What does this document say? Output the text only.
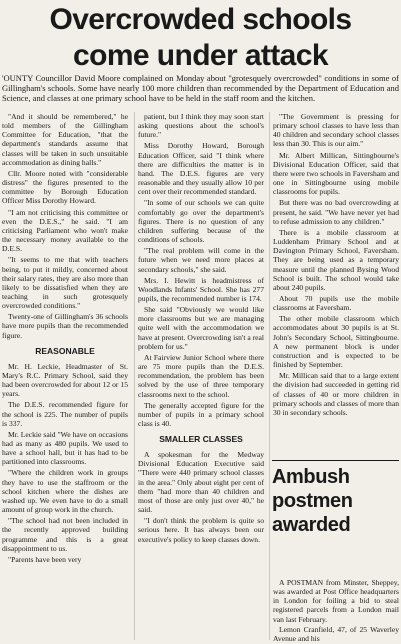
Overcrowded schools
come under attack

'OUNTY Councillor David Moore complained on Monday about "grotesquely overcrowded" conditions in some of Gillingham's schools. Some have nearly 100 more children than recommended by the Department of Education and Science, and classes at one primary school have to be held in the staff room and the kitchen.

"And it should be remembered," he told members of the Gillingham Committee for Education, "that the department's standards assume that classes will be taken in such unsuitable accommodation as dining halls."

Cllr. Moore noted with "considerable distress" the figures presented to the committee by Borough Education Officer Miss Dorothy Howard.

"I am not criticising this committee or even the D.E.S.," he said. "I am criticising Parliament who won't make the necessary money available to the D.E.S.

"It seems to me that with teachers being, to put it mildly, concerned about their salary rates, they are also more than likely to be dissatisfied when they are teaching in such grotesquely overcrowded conditions."

Twenty-one of Gillingham's 36 schools have more pupils than the recommended figure.

REASONABLE

Mr. H. Leckie, Headmaster of St. Mary's R.C. Primary School, said they had been overcrowded for about 12 or 15 years.

The D.E.S. recommended figure for the school is 225. The number of pupils is 337.

Mr. Leckie said "We have on occasions had as many as 480 pupils. We used to have a school hall, but it has had to be partitioned into classrooms.

"Where the children work in groups they have to use the staffroom or the school kitchen where the dishes are washed up. We even have to do a small amount of group work in the church.

"The school had not been included in the recently approved building programme and this is a great disappointment to us.

"Parents have been very

patient, but I think they may soon start asking questions about the school's future."

Miss Dorothy Howard, Borough Education Officer, said "I think where there are difficulties the matter is in hand. The D.E.S. figures are very reasonable and they usually allow 10 per cent over their recommended standard.

"In some of our schools we can quite comfortably go over the department's figures. There is no question of any children suffering because of the conditions of schools.

"The real problem will come in the future when we need more places at secondary schools," she said.

Mrs. I. Hewitt is headmistress of Woodlands Infants' School. She has 277 pupils, the recommended number is 174.

She said "Obviously we would like more classrooms but we are managing quite well with the accommodation we have at present. Overcrowding isn't a real problem for us."

At Fairview Junior School where there are 75 more pupils than the D.E.S. recommendation, the problem has been solved by the use of three temporary classrooms next to the school.

The generally accepted figure for the number of pupils in a primary school class is 40.

SMALLER CLASSES

A spokesman for the Medway Divisional Education Executive said "There were 440 primary school classes in the area." Only about eight per cent of them "had more than 40 children and most of those are only just over 40," he said.

"I don't think the problem is quite so serious here. It has always been our executive's policy to keep classes down.

"The Government is pressing for primary school classes to have less than 40 children and secondary school classes less than 30. This is our aim."

Mr. Albert Millican, Sittingbourne's Divisional Education Officer, said that there were two schools in Faversham and one in Sittingbourne using mobile classrooms for pupils.

But there was no bad overcrowding at present, he said. "We have never yet had to refuse admission to any children."

There is a mobile classroom at Luddenham Primary School and at Davington Primary School, Faversham. They are being used as a temporary measure until the planned Bysing Wood School is built. The school would take about 240 pupils.

About 70 pupils use the mobile classrooms at Faversham.

The other mobile classroom which accommodates about 30 pupils is at St. John's Secondary School, Sittingbourne. A new permanent block is under construction and is expected to be finished by September.

Mr. Millican said that to a large extent the division had succeeded in getting rid of classes of 40 or more children in primary schools and classes of more than 30 in secondary schools.

Ambush postmen awarded

A POSTMAN from Minster, Sheppey, was awarded at Post Office headquarters in London for foiling a bid to steal registered parcels from a London mail van last February.

Lemon Cranfield, 47, of 25 Waverley Avenue and his
